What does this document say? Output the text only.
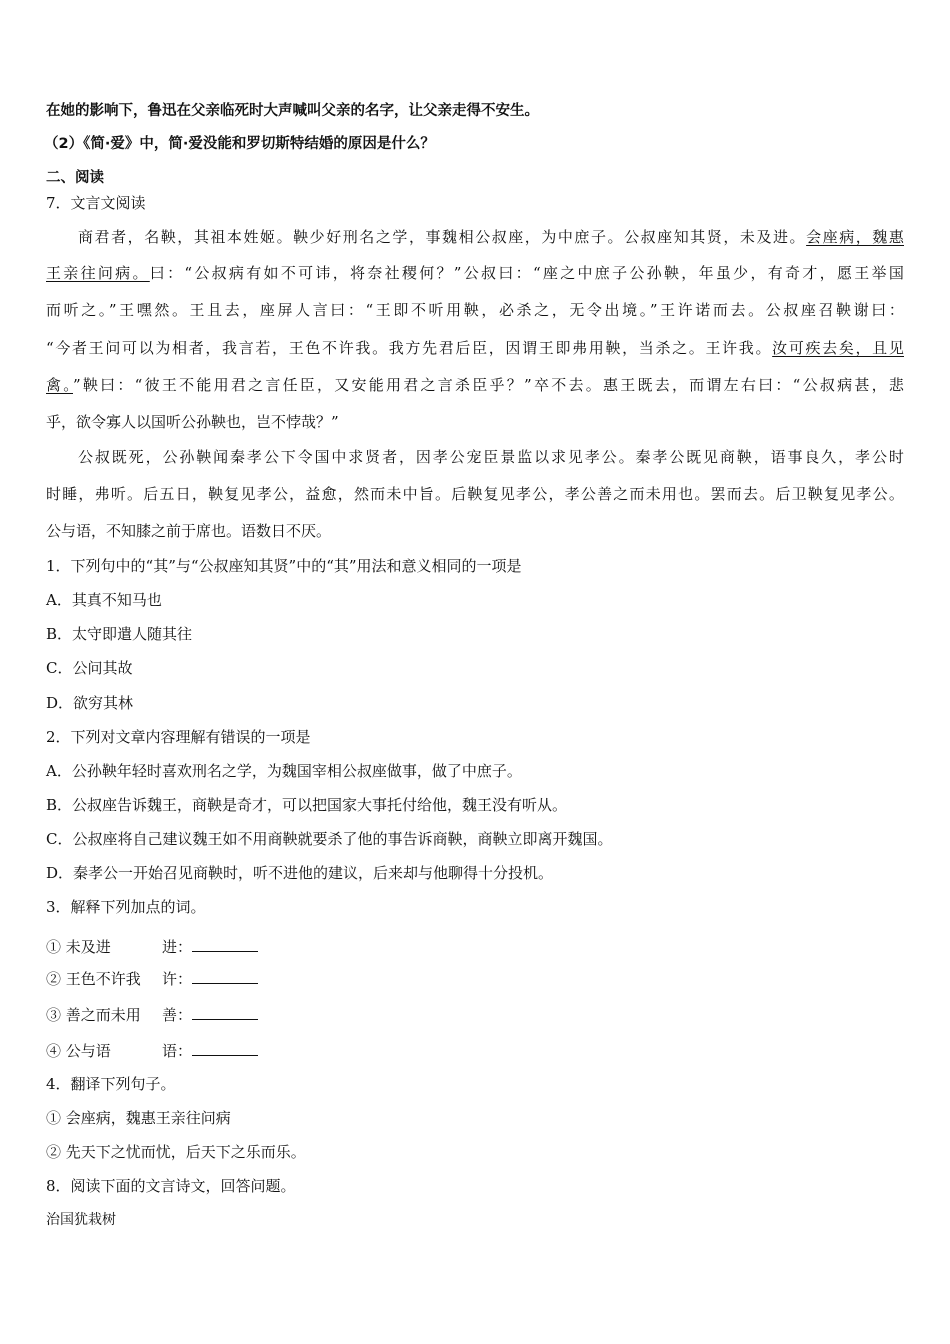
在她的影响下，鲁迅在父亲临死时大声喊叫父亲的名字，让父亲走得不安生。
（2）《简·爱》中，简·爱没能和罗切斯特结婚的原因是什么？
二、阅读
7．文言文阅读
商君者，名鞅，其祖本姓姬。鞅少好刑名之学，事魏相公叔座，为中庶子。公叔座知其贤，未及进。会座病，魏惠
王亲往问病。曰：“公叔病有如不可讳，将奈社稷何？”公叔曰：“座之中庶子公孙鞅，年虽少，有奇才，愿王举国
而听之。”王嘿然。王且去，座屏人言曰：“王即不听用鞅，必杀之，无令出境。”王许诺而去。公叔座召鞅谢曰：
“今者王问可以为相者，我言若，王色不许我。我方先君后臣，因谓王即弗用鞅，当杀之。王许我。汝可疾去矣，且见
禽。”鞅曰：“彼王不能用君之言任臣，又安能用君之言杀臣乎？”卒不去。惠王既去，而谓左右曰：“公叔病甚，悲
乎，欲令寡人以国听公孙鞅也，岂不悖哉？”
公叔既死，公孙鞅闻秦孝公下令国中求贤者，因孝公宠臣景监以求见孝公。秦孝公既见商鞅，语事良久，孝公时
时睡，弗听。后五日，鞅复见孝公，益愈，然而未中旨。后鞅复见孝公，孝公善之而未用也。罢而去。后卫鞅复见孝公。
公与语，不知膝之前于席也。语数日不厌。
1．下列句中的“其”与“公叔座知其贤”中的“其”用法和意义相同的一项是
A．其真不知马也
B．太守即遣人随其往
C．公问其故
D．欲穷其林
2．下列对文章内容理解有错误的一项是
A．公孙鞅年轻时喜欢刑名之学，为魏国宰相公叔座做事，做了中庶子。
B．公叔座告诉魏王，商鞅是奇才，可以把国家大事托付给他，魏王没有听从。
C．公叔座将自己建议魏王如不用商鞅就要杀了他的事告诉商鞅，商鞅立即离开魏国。
D．秦孝公一开始召见商鞅时，听不进他的建议，后来却与他聊得十分投机。
3．解释下列加点的词。
① 未及进	进：
② 王色不许我 许：
③ 善之而未用 善：
④ 公与语	语：
4．翻译下列句子。
① 会座病，魏惠王亲往问病
② 先天下之忧而忧，后天下之乐而乐。
8．阅读下面的文言诗文，回答问题。
治国犹栽树
